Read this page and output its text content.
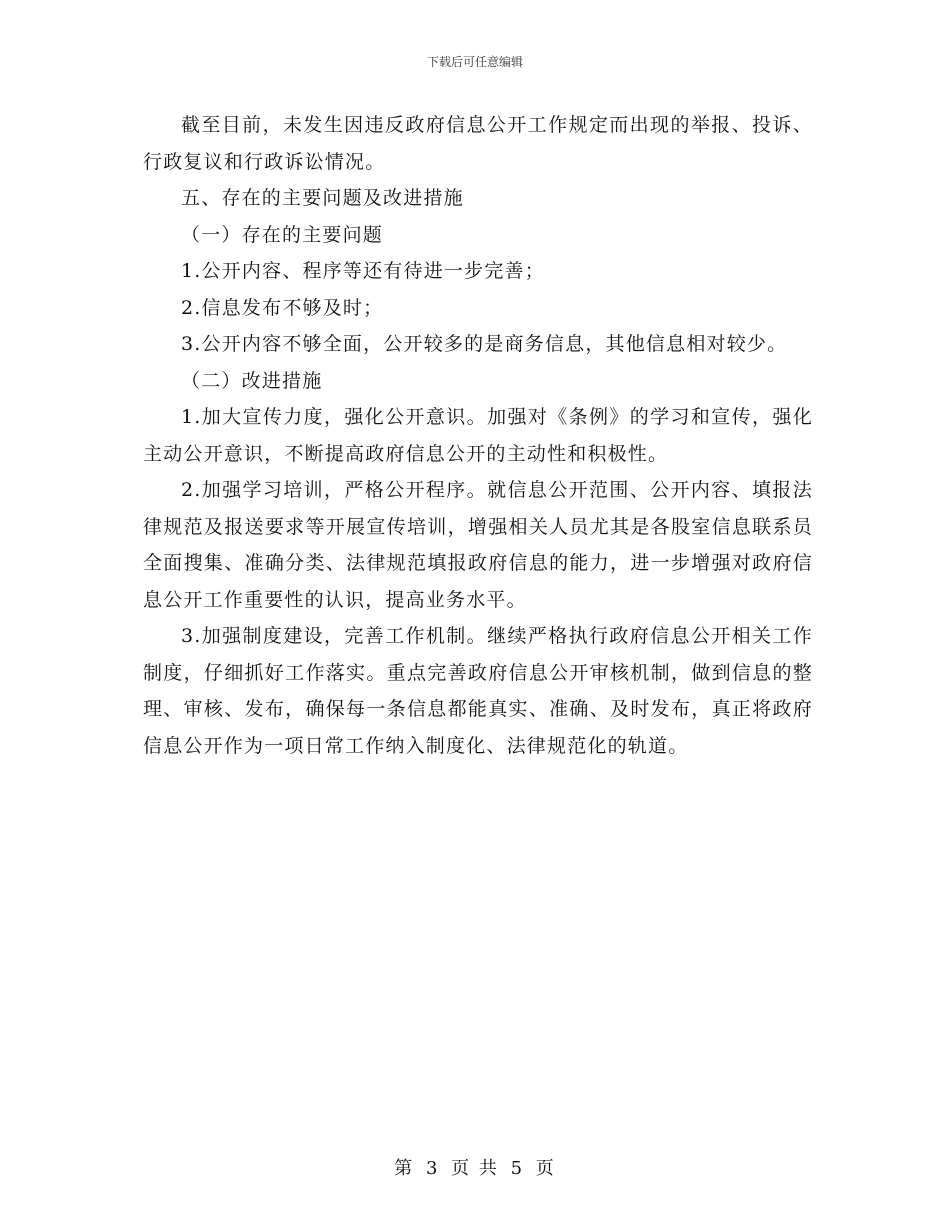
下载后可任意编辑

截至目前，未发生因违反政府信息公开工作规定而出现的举报、投诉、行政复议和行政诉讼情况。

五、存在的主要问题及改进措施

（一）存在的主要问题

1.公开内容、程序等还有待进一步完善；

2.信息发布不够及时；

3.公开内容不够全面，公开较多的是商务信息，其他信息相对较少。

（二）改进措施

1.加大宣传力度，强化公开意识。加强对《条例》的学习和宣传，强化主动公开意识，不断提高政府信息公开的主动性和积极性。

2.加强学习培训，严格公开程序。就信息公开范围、公开内容、填报法律规范及报送要求等开展宣传培训，增强相关人员尤其是各股室信息联系员全面搜集、准确分类、法律规范填报政府信息的能力，进一步增强对政府信息公开工作重要性的认识，提高业务水平。

3.加强制度建设，完善工作机制。继续严格执行政府信息公开相关工作制度，仔细抓好工作落实。重点完善政府信息公开审核机制，做到信息的整理、审核、发布，确保每一条信息都能真实、准确、及时发布，真正将政府信息公开作为一项日常工作纳入制度化、法律规范化的轨道。

第 3 页 共 5 页
